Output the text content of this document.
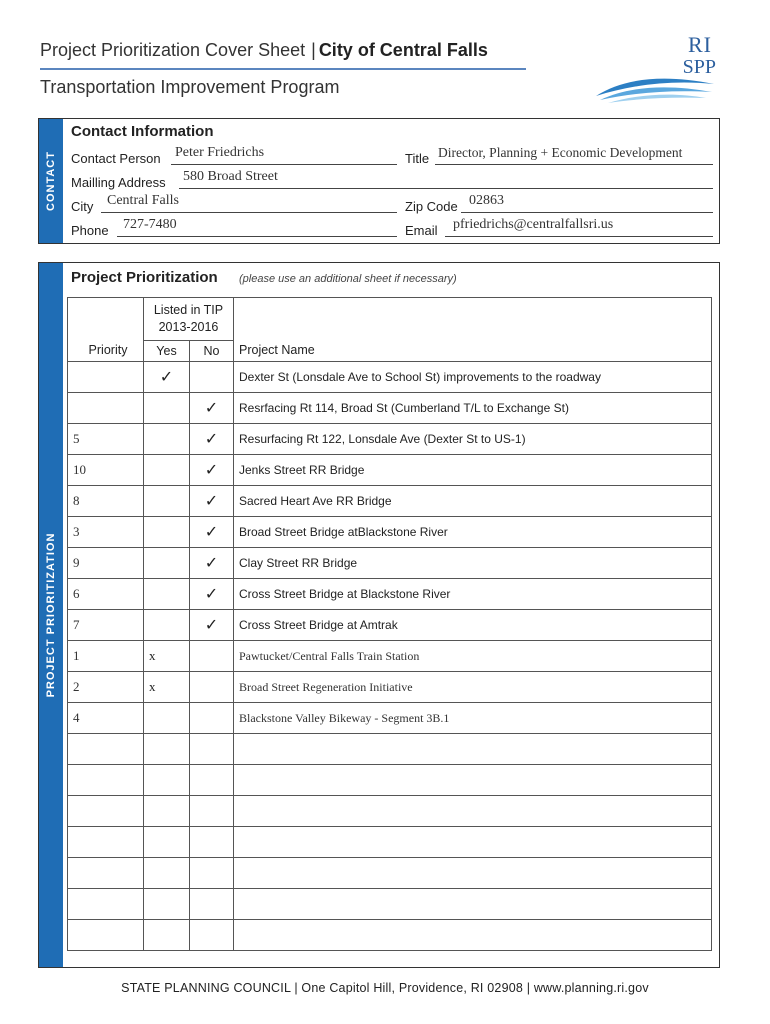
Project Prioritization Cover Sheet | City of Central Falls
Transportation Improvement Program
RI
SPP
CONTACT
Contact Information
Contact Person Peter Friedrichs	Title Director, Planning + Economic Development
Mailling Address 580 Broad Street
City Central Falls	Zip Code 02863
Phone 727-7480	Email pfriedrichs@centralfallsri.us
PROJECT PRIORITIZATION
Project Prioritization (please use an additional sheet if necessary)
Priority	Listed in TIP 2013-2016		Project Name
	Yes	No	
	✓		Dexter St (Lonsdale Ave to School St) improvements to the roadway
		✓	Resrfacing Rt 114, Broad St (Cumberland T/L to Exchange St)
5		✓	Resurfacing Rt 122, Lonsdale Ave (Dexter St to US-1)
10		✓	Jenks Street RR Bridge
8		✓	Sacred Heart Ave RR Bridge
3		✓	Broad Street Bridge atBlackstone River
9		✓	Clay Street RR Bridge
6		✓	Cross Street Bridge at Blackstone River
7		✓	Cross Street Bridge at Amtrak
1	x		Pawtucket/Central Falls Train Station
2	x		Broad Street Regeneration Initiative
4			Blackstone Valley Bikeway - Segment 3B.1

STATE PLANNING COUNCIL | One Capitol Hill, Providence, RI 02908 | www.planning.ri.gov
